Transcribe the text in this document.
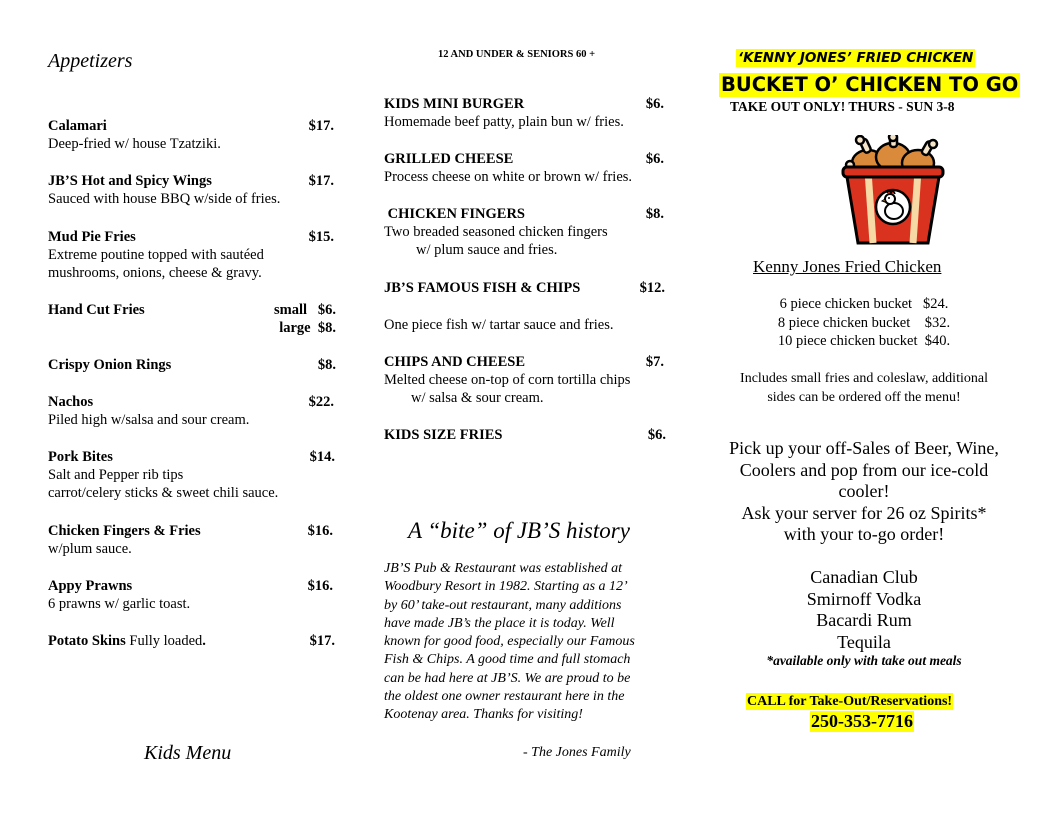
Appetizers
Calamari	$17.
Deep-fried w/ house Tzatziki.
JB’S Hot and Spicy Wings	$17.
Sauced with house BBQ w/side of fries.
Mud Pie Fries	$15.
Extreme poutine topped with sautéed
mushrooms, onions, cheese & gravy.
Hand Cut Fries	small   $6.
large  $8.
Crispy Onion Rings	$8.
Nachos	$22.
Piled high w/salsa and sour cream.
Pork Bites	$14.
Salt and Pepper rib tips
carrot/celery sticks & sweet chili sauce.
Chicken Fingers & Fries	$16.
w/plum sauce.
Appy Prawns	$16.
6 prawns w/ garlic toast.
Potato Skins Fully loaded.	$17.
Kids Menu
12 AND UNDER & SENIORS 60 +
KIDS MINI BURGER	$6.
Homemade beef patty, plain bun w/ fries.
GRILLED CHEESE	$6.
Process cheese on white or brown w/ fries.
CHICKEN FINGERS	$8.
Two breaded seasoned chicken fingers
w/ plum sauce and fries.
JB’S FAMOUS FISH & CHIPS	$12.
One piece fish w/ tartar sauce and fries.
CHIPS AND CHEESE	$7.
Melted cheese on-top of corn tortilla chips
w/ salsa & sour cream.
KIDS SIZE FRIES	$6.
A “bite” of JB’S history
JB’S Pub & Restaurant was established at
Woodbury Resort in 1982. Starting as a 12’
by 60’ take-out restaurant, many additions
have made JB’s the place it is today. Well
known for good food, especially our Famous
Fish & Chips. A good time and full stomach
can be had here at JB’S. We are proud to be
the oldest one owner restaurant here in the
Kootenay area. Thanks for visiting!
- The Jones Family
‘KENNY JONES’ FRIED CHICKEN
BUCKET O’ CHICKEN TO GO
TAKE OUT ONLY! THURS - SUN 3-8
Kenny Jones Fried Chicken
6 piece chicken bucket   $24.
8 piece chicken bucket    $32.
10 piece chicken bucket  $40.
Includes small fries and coleslaw, additional
sides can be ordered off the menu!
Pick up your off-Sales of Beer, Wine,
Coolers and pop from our ice-cold
cooler!
Ask your server for 26 oz Spirits*
with your to-go order!
Canadian Club
Smirnoff Vodka
Bacardi Rum
Tequila
*available only with take out meals
CALL for Take-Out/Reservations!
250-353-7716
